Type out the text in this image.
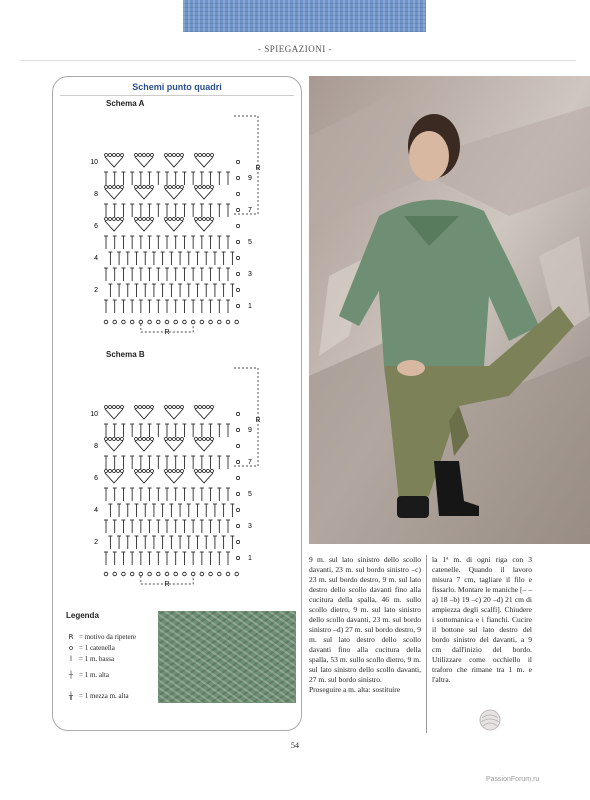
- SPIEGAZIONI -
Schemi punto quadri
Schema A
10
8
6
4
2
9
7
5
3
1
R
R
Schema B
10
8
6
4
2
9
7
5
3
1
R
R
Legenda
R = motivo da ripetere
o = 1 catenella
l	= 1 m. bassa
┼ = 1 m. alta
╁ = 1 mezza m. alta

9 m. sul lato sinistro dello scollo davanti, 23 m. sul bordo sinistro –c) 23 m. sul bordo destro, 9 m. sul lato destro dello scollo davanti fino alla cucitura della spalla, 46 m. sullo scollo dietro, 9 m. sul lato sinistro dello scollo davanti, 23 m. sul bordo sinistro –d) 27 m. sul bordo destro, 9 m. sul lato destro dello scollo davanti fino alla cucitura della spalla, 53 m. sullo scollo dietro, 9 m. sul lato sinistro dello scollo davanti, 27 m. sul bordo sinistro.

Proseguire a m. alta: sostituire

la 1ª m. di ogni riga con 3 catenelle. Quando il lavoro misura 7 cm, tagliare il filo e fissarlo. Montare le maniche [– –a) 18 –b) 19 –c) 20 –d) 21 cm di ampiezza degli scalfi]. Chiudere i sottomanica e i fianchi. Cucire il bottone sul lato destro del bordo sinistro del davanti, a 9 cm dall'inizio del bordo. Utilizzare come occhiello il traforo che rimane tra 1 m. e l'altra.

54
PassionForum.ru
